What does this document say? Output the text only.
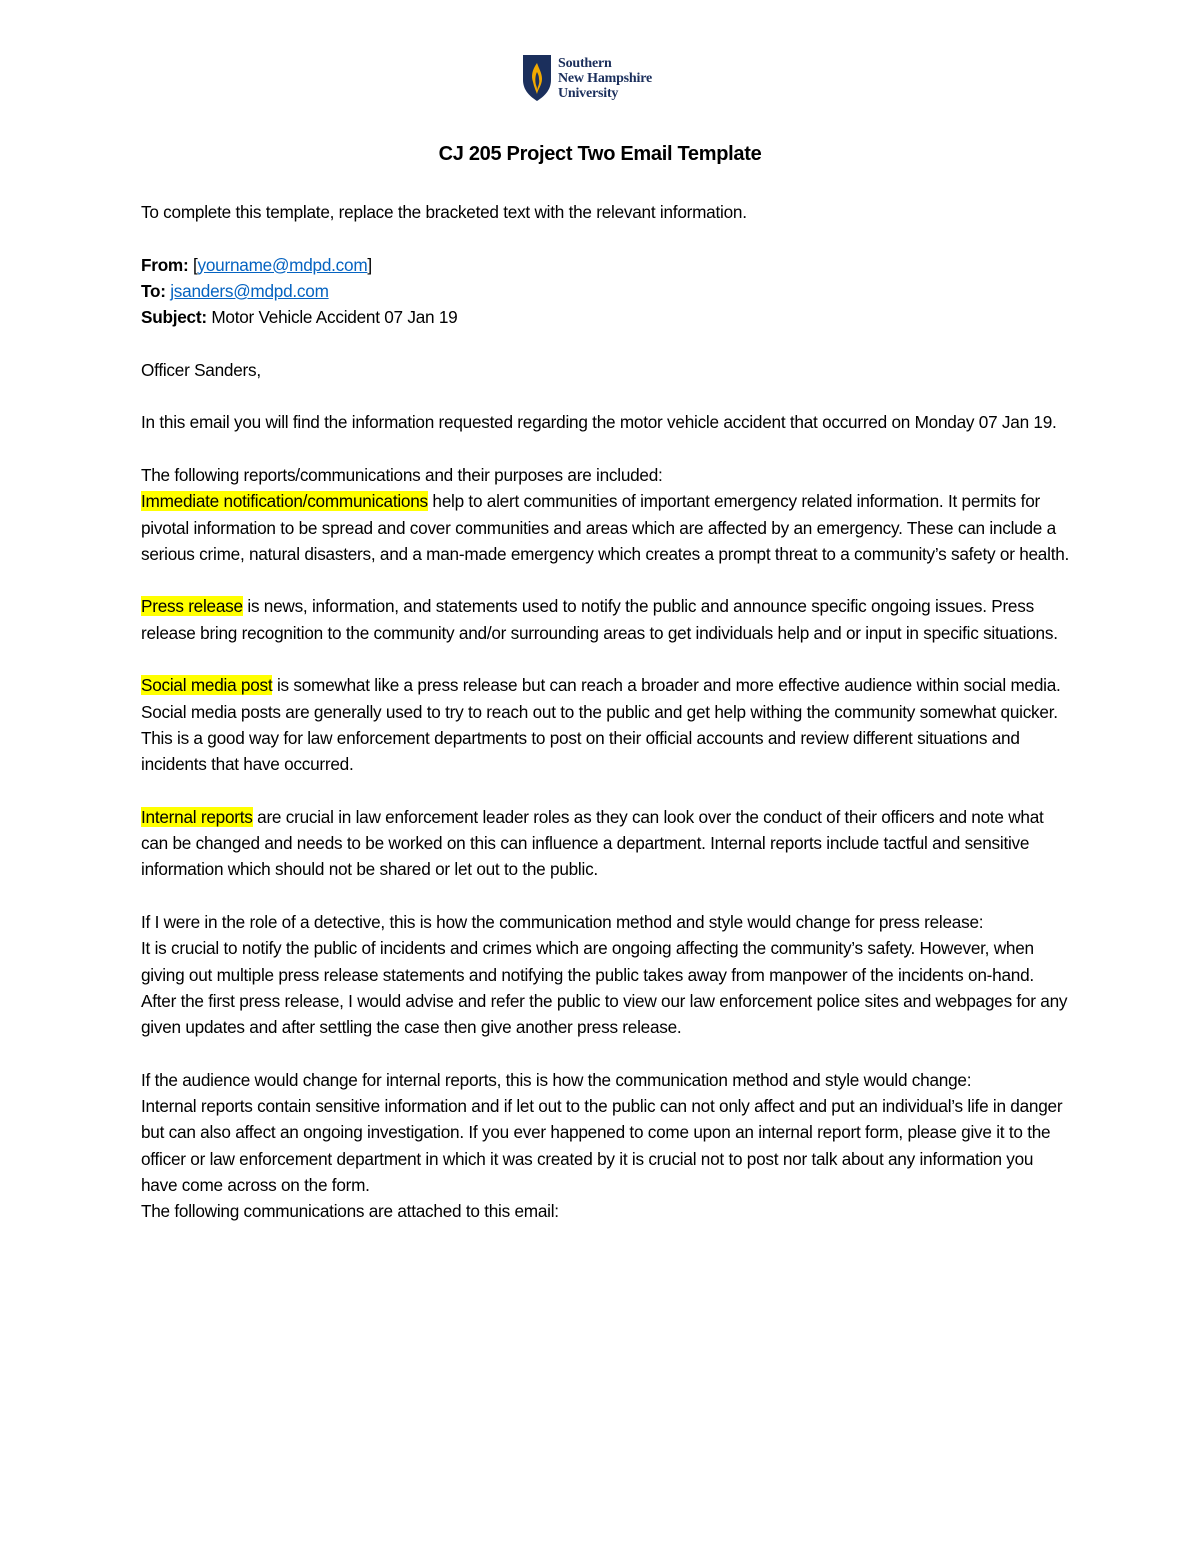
Southern
New Hampshire
University
CJ 205 Project Two Email Template

To complete this template, replace the bracketed text with the relevant information.

From: [yourname@mdpd.com]

To: jsanders@mdpd.com

Subject: Motor Vehicle Accident 07 Jan 19

Officer Sanders,

In this email you will find the information requested regarding the motor vehicle accident that occurred on Monday 07 Jan 19.

The following reports/communications and their purposes are included:

Immediate notification/communications help to alert communities of important emergency related information. It permits for pivotal information to be spread and cover communities and areas which are affected by an emergency. These can include a serious crime, natural disasters, and a man-made emergency which creates a prompt threat to a community’s safety or health.

Press release is news, information, and statements used to notify the public and announce specific ongoing issues. Press release bring recognition to the community and/or surrounding areas to get individuals help and or input in specific situations.

Social media post is somewhat like a press release but can reach a broader and more effective audience within social media. Social media posts are generally used to try to reach out to the public and get help withing the community somewhat quicker. This is a good way for law enforcement departments to post on their official accounts and review different situations and incidents that have occurred.

Internal reports are crucial in law enforcement leader roles as they can look over the conduct of their officers and note what can be changed and needs to be worked on this can influence a department. Internal reports include tactful and sensitive information which should not be shared or let out to the public.

If I were in the role of a detective, this is how the communication method and style would change for press release:

It is crucial to notify the public of incidents and crimes which are ongoing affecting the community’s safety. However, when giving out multiple press release statements and notifying the public takes away from manpower of the incidents on-hand. After the first press release, I would advise and refer the public to view our law enforcement police sites and webpages for any given updates and after settling the case then give another press release.

If the audience would change for internal reports, this is how the communication method and style would change:

Internal reports contain sensitive information and if let out to the public can not only affect and put an individual’s life in danger but can also affect an ongoing investigation. If you ever happened to come upon an internal report form, please give it to the officer or law enforcement department in which it was created by it is crucial not to post nor talk about any information you have come across on the form.

The following communications are attached to this email:
